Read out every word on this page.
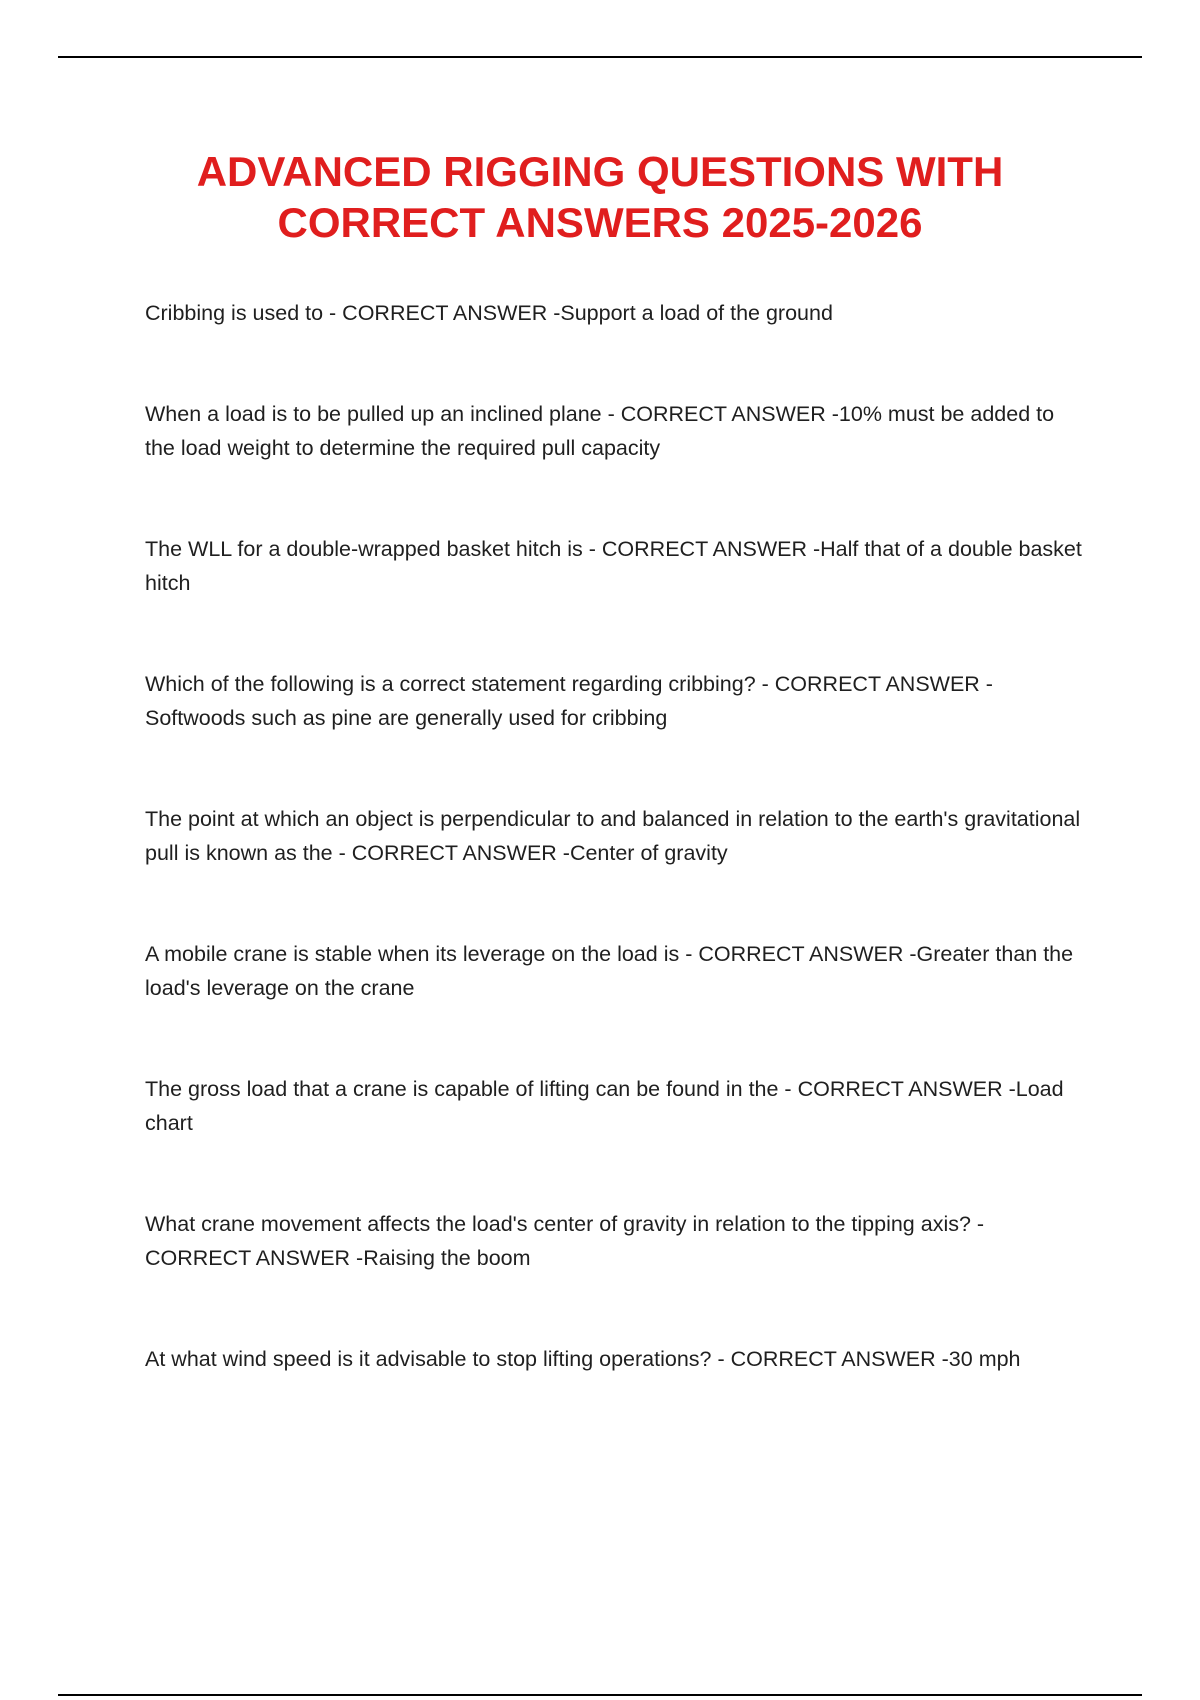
ADVANCED RIGGING QUESTIONS WITH
CORRECT ANSWERS 2025-2026
Cribbing is used to - CORRECT ANSWER -Support a load of the ground
When a load is to be pulled up an inclined plane - CORRECT ANSWER -10% must be added to the load weight to determine the required pull capacity
The WLL for a double-wrapped basket hitch is - CORRECT ANSWER -Half that of a double basket hitch
Which of the following is a correct statement regarding cribbing? - CORRECT ANSWER - Softwoods such as pine are generally used for cribbing
The point at which an object is perpendicular to and balanced in relation to the earth's gravitational pull is known as the - CORRECT ANSWER -Center of gravity
A mobile crane is stable when its leverage on the load is - CORRECT ANSWER -Greater than the load's leverage on the crane
The gross load that a crane is capable of lifting can be found in the - CORRECT ANSWER -Load chart
What crane movement affects the load's center of gravity in relation to the tipping axis? - CORRECT ANSWER -Raising the boom
At what wind speed is it advisable to stop lifting operations? - CORRECT ANSWER -30 mph
